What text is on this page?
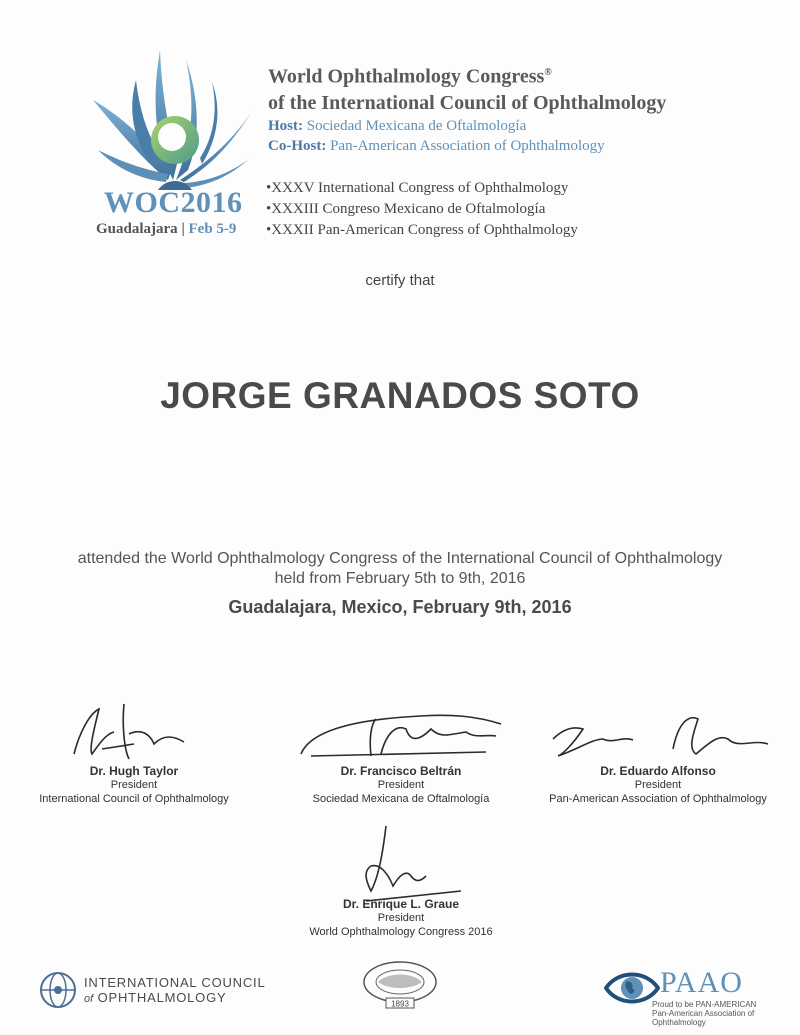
WOC2016
Guadalajara | Feb 5-9
World Ophthalmology Congress®
of the International Council of Ophthalmology
Host: Sociedad Mexicana de Oftalmología
Co-Host: Pan-American Association of Ophthalmology
•XXXV International Congress of Ophthalmology
•XXXIII Congreso Mexicano de Oftalmología
•XXXII Pan-American Congress of Ophthalmology
certify that
JORGE GRANADOS SOTO
attended the World Ophthalmology Congress of the International Council of Ophthalmology
held from February 5th to 9th, 2016
Guadalajara, Mexico, February 9th, 2016
Dr. Hugh Taylor
President
International Council of Ophthalmology
Dr. Francisco Beltrán
President
Sociedad Mexicana de Oftalmología
Dr. Eduardo Alfonso
President
Pan-American Association of Ophthalmology
Dr. Enrique L. Graue
President
World Ophthalmology Congress 2016
INTERNATIONAL COUNCIL
of OPHTHALMOLOGY	1893
PAAO
Proud to be PAN-AMERICAN
Pan-American Association of Ophthalmology
